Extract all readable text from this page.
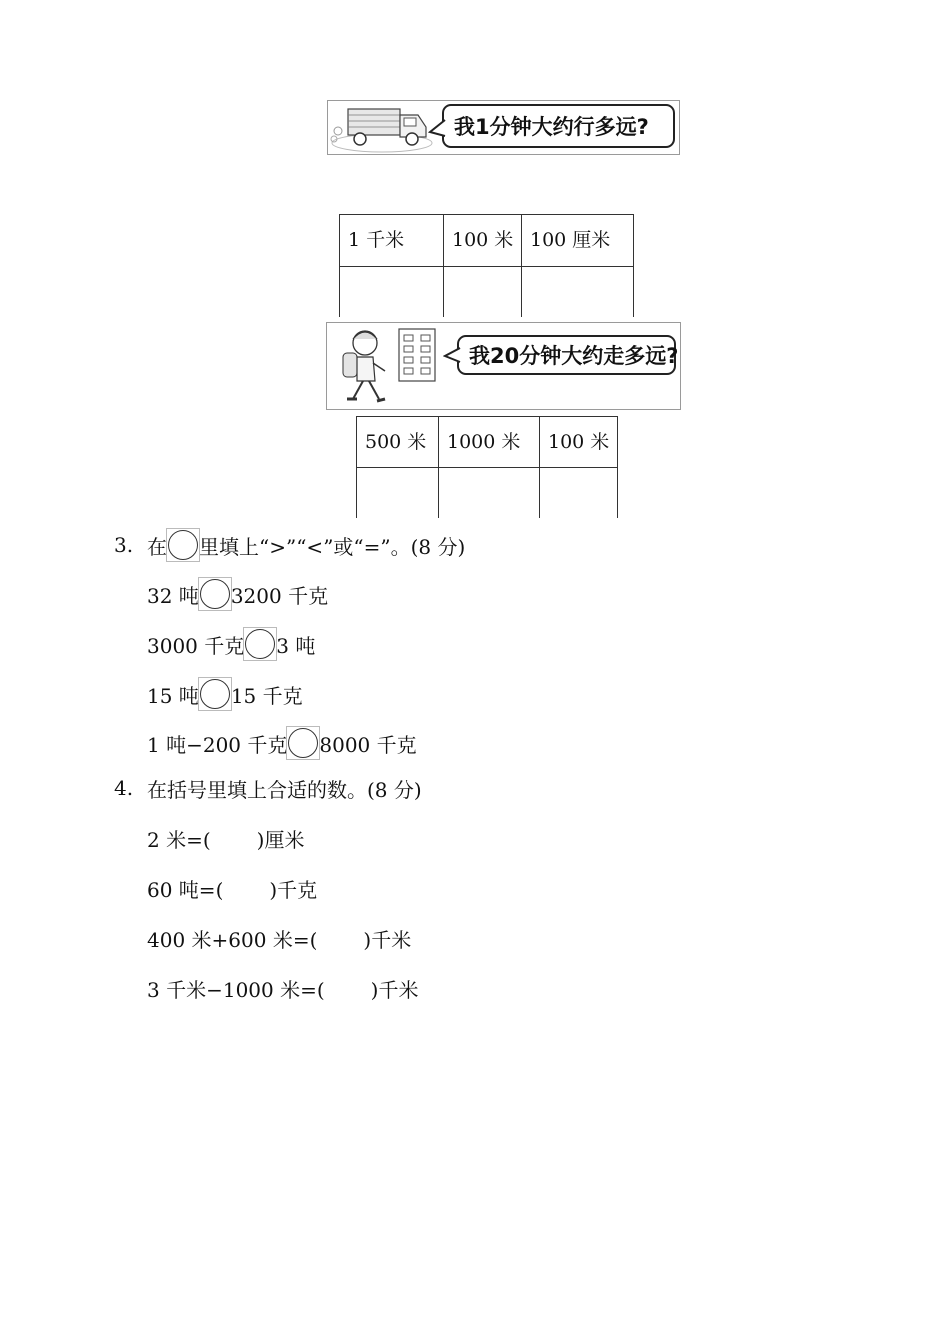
我1分钟大约行多远?
1 千米	100 米	100 厘米

我20分钟大约走多远?
500 米	1000 米	100 米

3. 在 里填上“>”“<”或“=”。(8 分)
32 吨 3200 千克
3000 千克 3 吨
15 吨 15 千克
1 吨−200 千克 8000 千克
4. 在括号里填上合适的数。(8 分)
2 米=( )厘米
60 吨=( )千克
400 米+600 米=( )千米
3 千米−1000 米=( )千米
